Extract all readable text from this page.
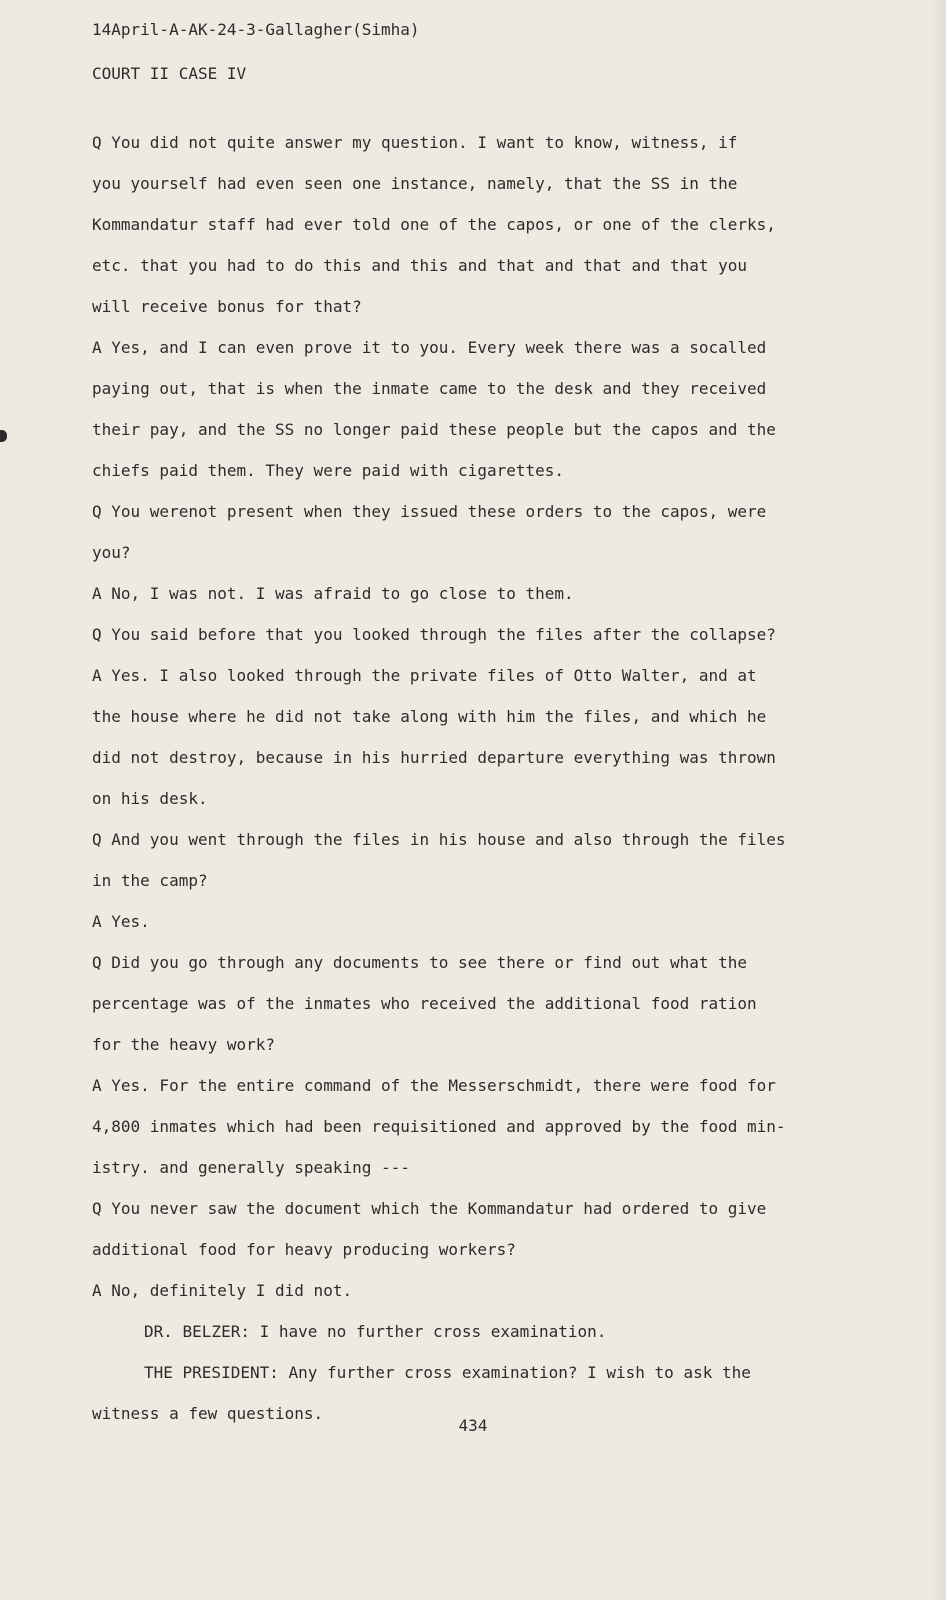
14April-A-AK-24-3-Gallagher(Simha)
COURT II CASE IV
Q You did not quite answer my question. I want to know, witness, if
you yourself had even seen one instance, namely, that the SS in the
Kommandatur staff had ever told one of the capos, or one of the clerks,
etc. that you had to do this and this and that and that and that you
will receive bonus for that?
A Yes, and I can even prove it to you. Every week there was a socalled
paying out, that is when the inmate came to the desk and they received
their pay, and the SS no longer paid these people but the capos and the
chiefs paid them. They were paid with cigarettes.
Q You werenot present when they issued these orders to the capos, were
you?
A No, I was not. I was afraid to go close to them.
Q You said before that you looked through the files after the collapse?
A Yes. I also looked through the private files of Otto Walter, and at
the house where he did not take along with him the files, and which he
did not destroy, because in his hurried departure everything was thrown
on his desk.
Q And you went through the files in his house and also through the files
in the camp?
A Yes.
Q Did you go through any documents to see there or find out what the
percentage was of the inmates who received the additional food ration
for the heavy work?
A Yes. For the entire command of the Messerschmidt, there were food for
4,800 inmates which had been requisitioned and approved by the food min-
istry. and generally speaking ---
Q You never saw the document which the Kommandatur had ordered to give
additional food for heavy producing workers?
A No, definitely I did not.
DR. BELZER: I have no further cross examination.
THE PRESIDENT: Any further cross examination? I wish to ask the
witness a few questions.
434
